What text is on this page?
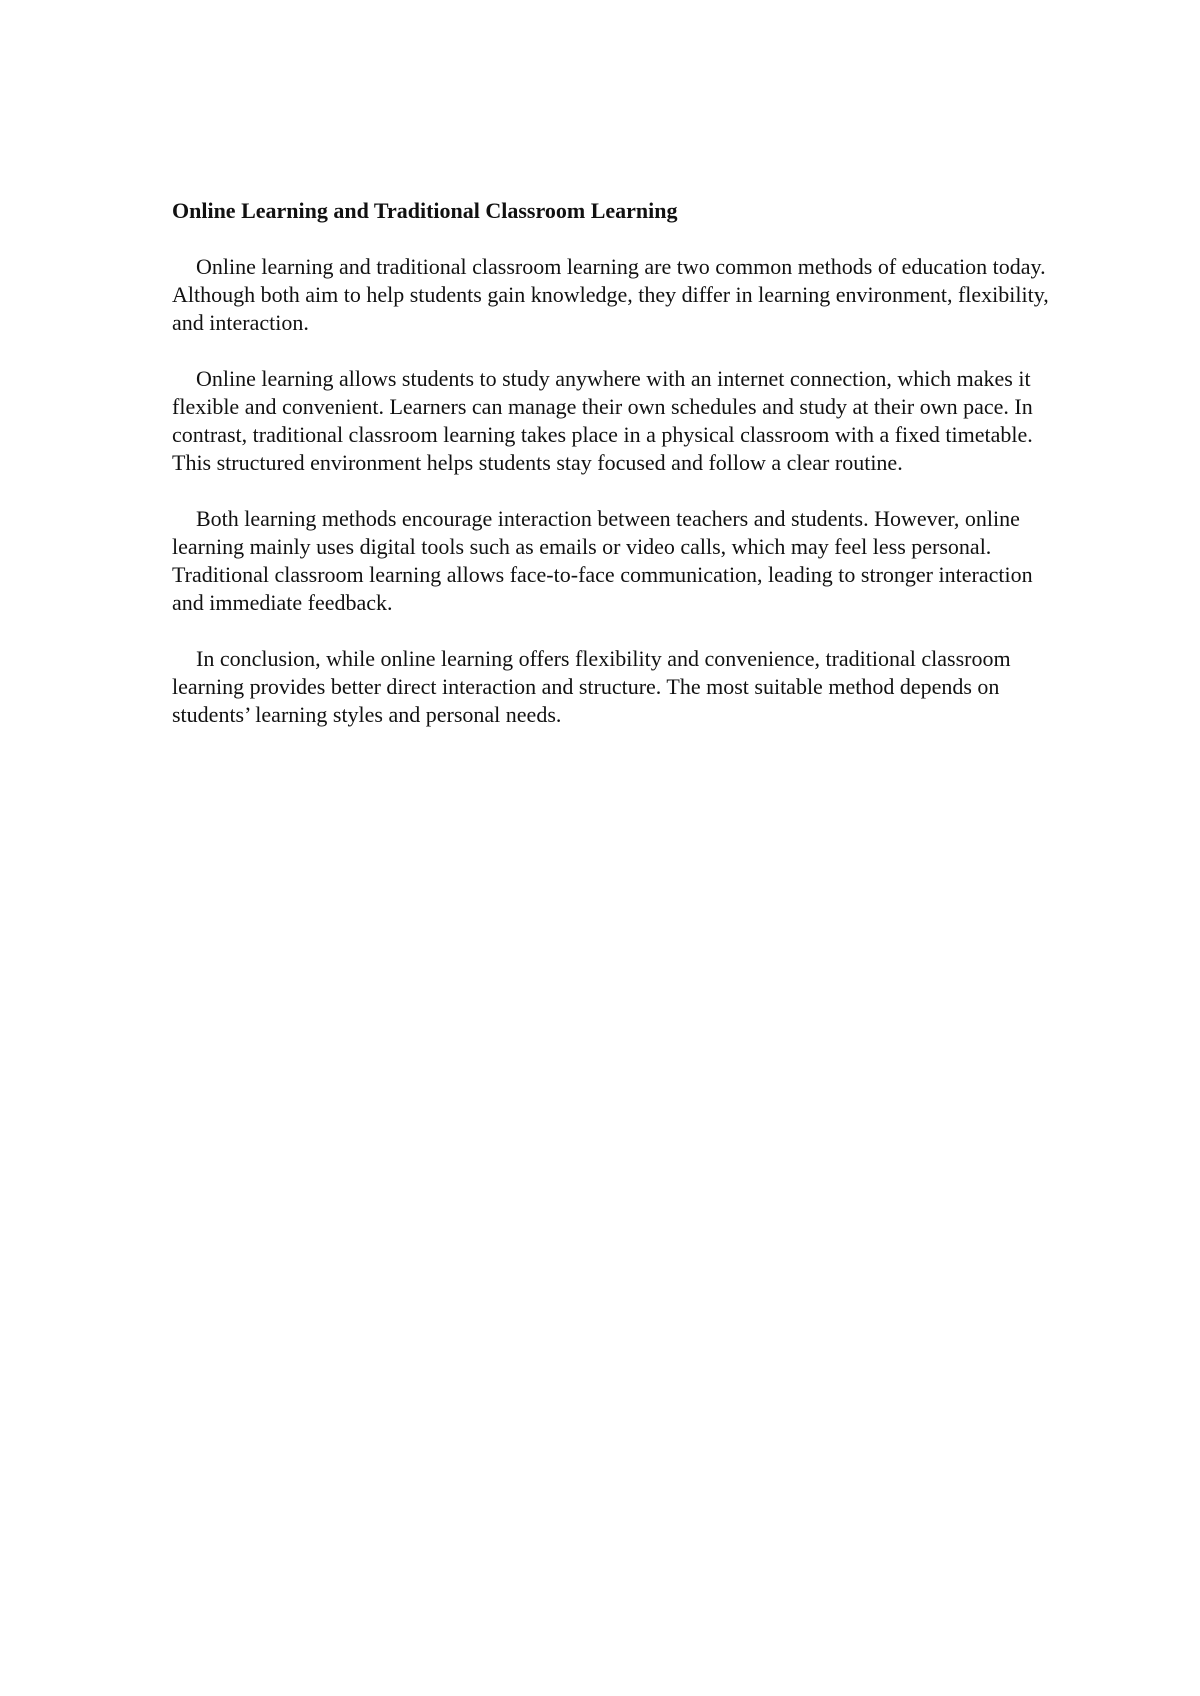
Online Learning and Traditional Classroom Learning

Online learning and traditional classroom learning are two common methods of education today. Although both aim to help students gain knowledge, they differ in learning environment, flexibility, and interaction.

Online learning allows students to study anywhere with an internet connection, which makes it flexible and convenient. Learners can manage their own schedules and study at their own pace. In contrast, traditional classroom learning takes place in a physical classroom with a fixed timetable. This structured environment helps students stay focused and follow a clear routine.

Both learning methods encourage interaction between teachers and students. However, online learning mainly uses digital tools such as emails or video calls, which may feel less personal. Traditional classroom learning allows face-to-face communication, leading to stronger interaction and immediate feedback.

In conclusion, while online learning offers flexibility and convenience, traditional classroom learning provides better direct interaction and structure. The most suitable method depends on students’ learning styles and personal needs.
